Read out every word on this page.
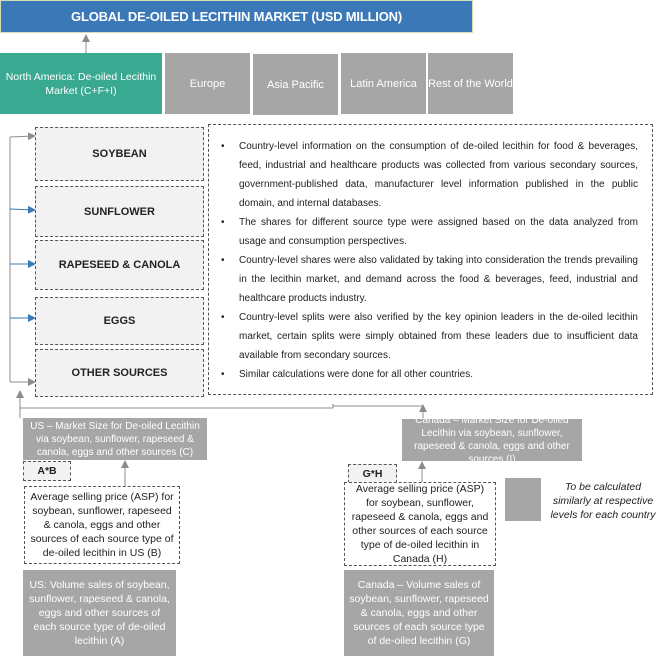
GLOBAL DE-OILED LECITHIN MARKET (USD MILLION)
North America: De-oiled Lecithin Market (C+F+I)
Europe	Asia Pacific	Latin America	Rest of the World
SOYBEAN
SUNFLOWER
RAPESEED & CANOLA
EGGS
OTHER SOURCES
• Country-level information on the consumption of de-oiled lecithin for food & beverages, feed, industrial and healthcare products was collected from various secondary sources, government-published data, manufacturer level information published in the public domain, and internal databases.
• The shares for different source type were assigned based on the data analyzed from usage and consumption perspectives.
• Country-level shares were also validated by taking into consideration the trends prevailing in the lecithin market, and demand across the food & beverages, feed, industrial and healthcare products industry.
• Country-level splits were also verified by the key opinion leaders in the de-oiled lecithin market, certain splits were simply obtained from these leaders due to insufficient data available from secondary sources.
• Similar calculations were done for all other countries.
US – Market Size for De-oiled Lecithin via soybean, sunflower, rapeseed & canola, eggs and other sources (C)
A*B
Average selling price (ASP) for soybean, sunflower, rapeseed & canola, eggs and other sources of each source type of de-oiled lecithin in US (B)
US: Volume sales of soybean, sunflower, rapeseed & canola, eggs and other sources of each source type of de-oiled lecithin (A)
Canada – Market Size for De-oiled Lecithin via soybean, sunflower, rapeseed & canola, eggs and other sources (I)
G*H
Average selling price (ASP) for soybean, sunflower, rapeseed & canola, eggs and other sources of each source type of de-oiled lecithin in Canada (H)
Canada – Volume sales of soybean, sunflower, rapeseed & canola, eggs and other sources of each source type of de-oiled lecithin (G)
To be calculated similarly at respective levels for each country
